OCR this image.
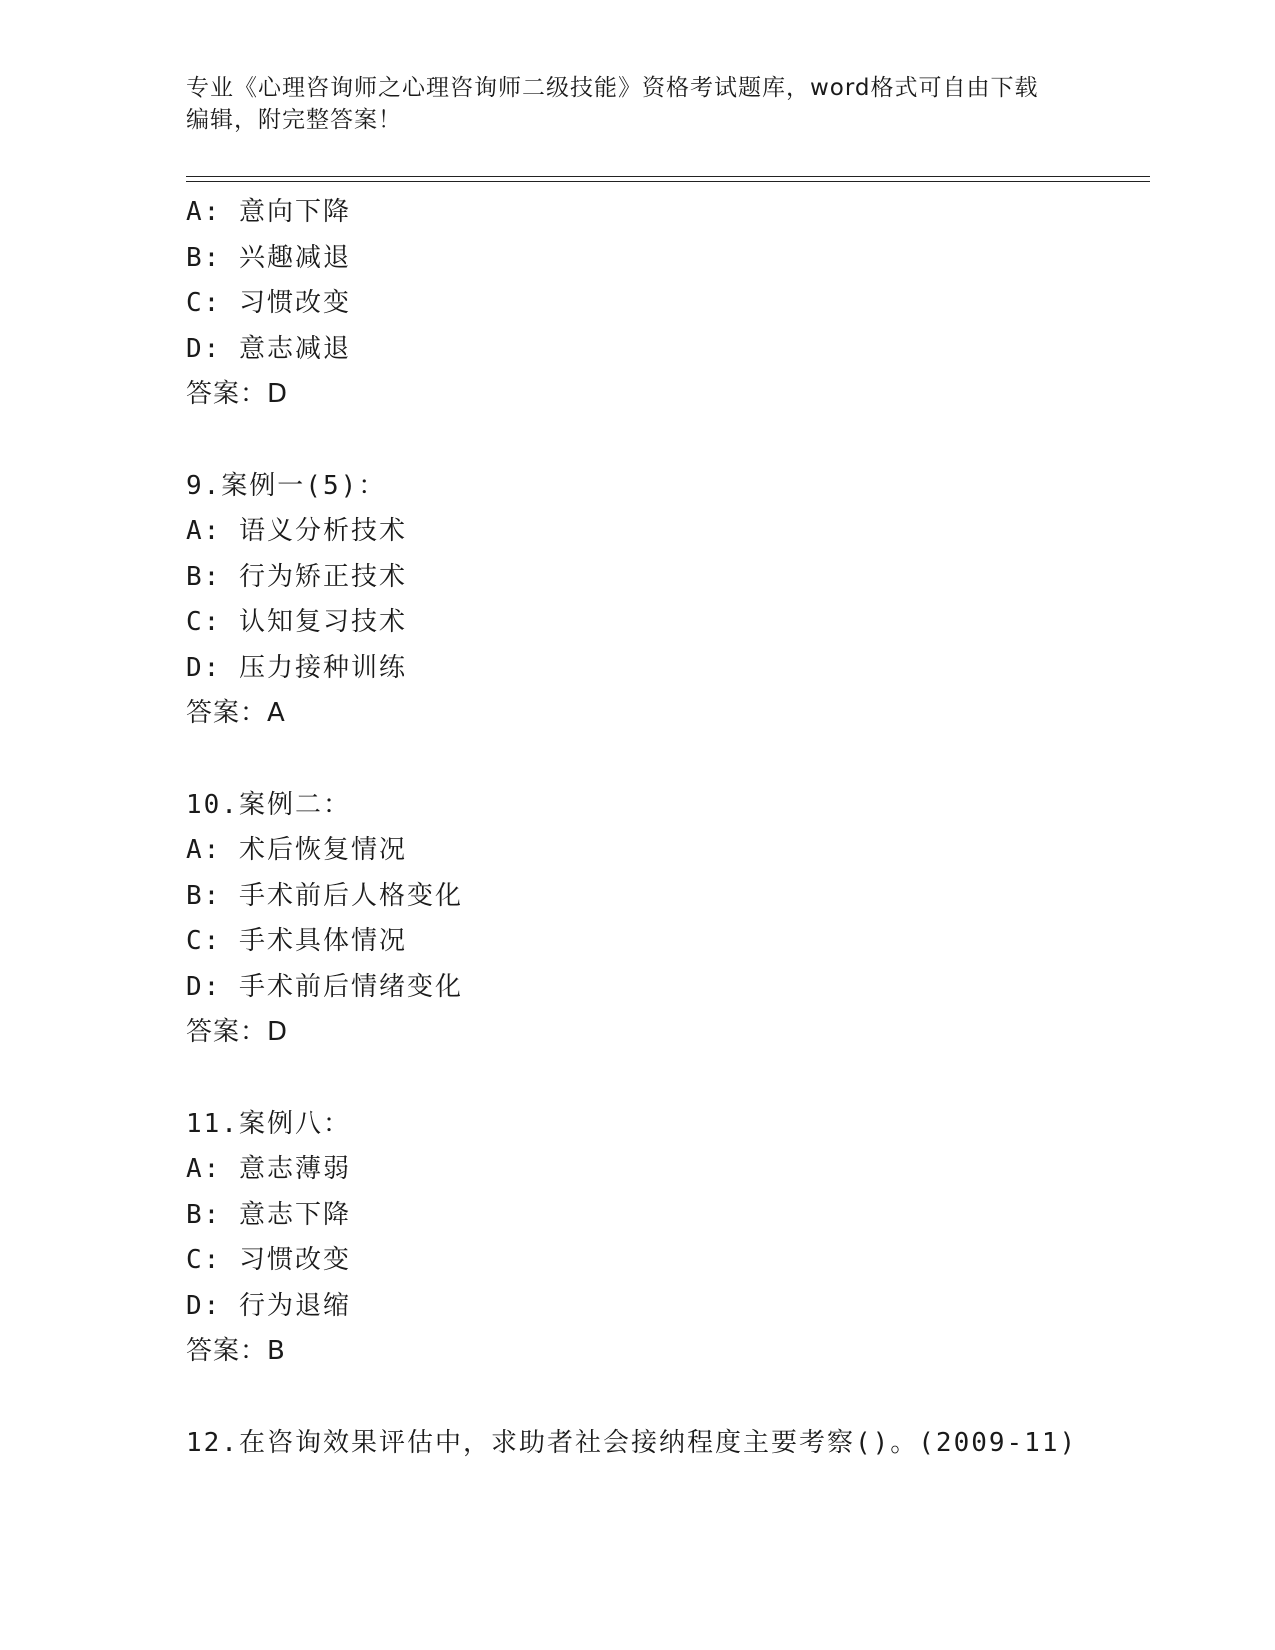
专业《心理咨询师之心理咨询师二级技能》资格考试题库，word格式可自由下载
编辑，附完整答案！
A: 意向下降
B: 兴趣减退
C: 习惯改变
D: 意志减退
答案：D
9.案例一(5)：
A: 语义分析技术
B: 行为矫正技术
C: 认知复习技术
D: 压力接种训练
答案：A
10.案例二：
A: 术后恢复情况
B: 手术前后人格变化
C: 手术具体情况
D: 手术前后情绪变化
答案：D
11.案例八：
A: 意志薄弱
B: 意志下降
C: 习惯改变
D: 行为退缩
答案：B
12.在咨询效果评估中，求助者社会接纳程度主要考察()。(2009-11)
